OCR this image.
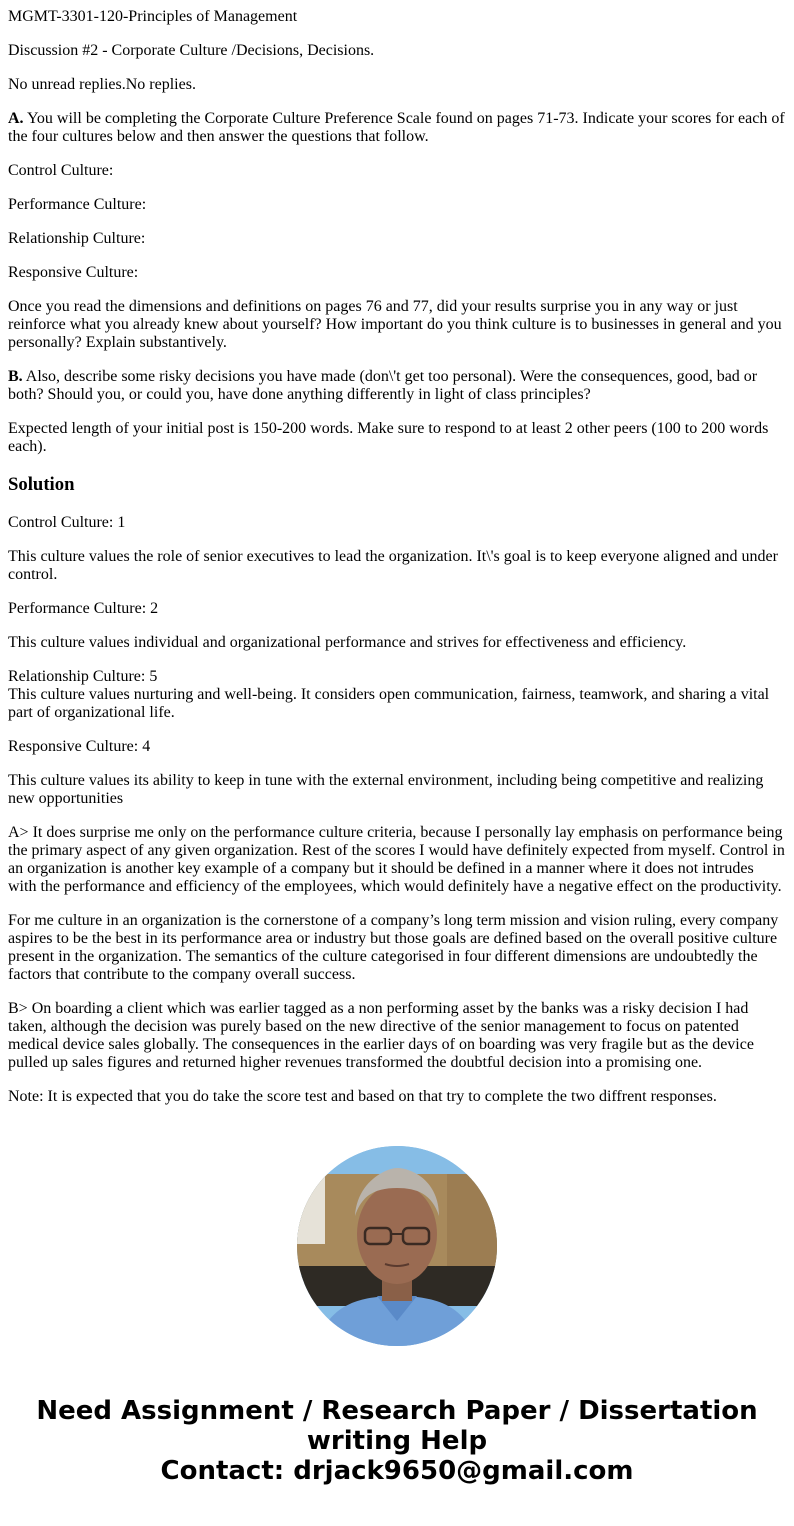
MGMT-3301-120-Principles of Management

Discussion #2 - Corporate Culture /Decisions, Decisions.

No unread replies.No replies.

A. You will be completing the Corporate Culture Preference Scale found on pages 71-73. Indicate your scores for each of the four cultures below and then answer the questions that follow.

Control Culture:

Performance Culture:

Relationship Culture:

Responsive Culture:

Once you read the dimensions and definitions on pages 76 and 77, did your results surprise you in any way or just reinforce what you already knew about yourself? How important do you think culture is to businesses in general and you personally? Explain substantively.

B. Also, describe some risky decisions you have made (don\'t get too personal). Were the consequences, good, bad or both? Should you, or could you, have done anything differently in light of class principles?

Expected length of your initial post is 150-200 words. Make sure to respond to at least 2 other peers (100 to 200 words each).

Solution

Control Culture: 1

This culture values the role of senior executives to lead the organization. It\'s goal is to keep everyone aligned and under control.

Performance Culture: 2

This culture values individual and organizational performance and strives for effectiveness and efficiency.

Relationship Culture: 5

This culture values nurturing and well-being. It considers open communication, fairness, teamwork, and sharing a vital part of organizational life.

Responsive Culture: 4

This culture values its ability to keep in tune with the external environment, including being competitive and realizing new opportunities

A> It does surprise me only on the performance culture criteria, because I personally lay emphasis on performance being the primary aspect of any given organization. Rest of the scores I would have definitely expected from myself. Control in an organization is another key example of a company but it should be defined in a manner where it does not intrudes with the performance and efficiency of the employees, which would definitely have a negative effect on the productivity.

For me culture in an organization is the cornerstone of a company’s long term mission and vision ruling, every company aspires to be the best in its performance area or industry but those goals are defined based on the overall positive culture present in the organization. The semantics of the culture categorised in four different dimensions are undoubtedly the factors that contribute to the company overall success.

B> On boarding a client which was earlier tagged as a non performing asset by the banks was a risky decision I had taken, although the decision was purely based on the new directive of the senior management to focus on patented medical device sales globally. The consequences in the earlier days of on boarding was very fragile but as the device pulled up sales figures and returned higher revenues transformed the doubtful decision into a promising one.

Note: It is expected that you do take the score test and based on that try to complete the two diffrent responses.

Need Assignment / Research Paper / Dissertation writing Help
Contact: drjack9650@gmail.com
